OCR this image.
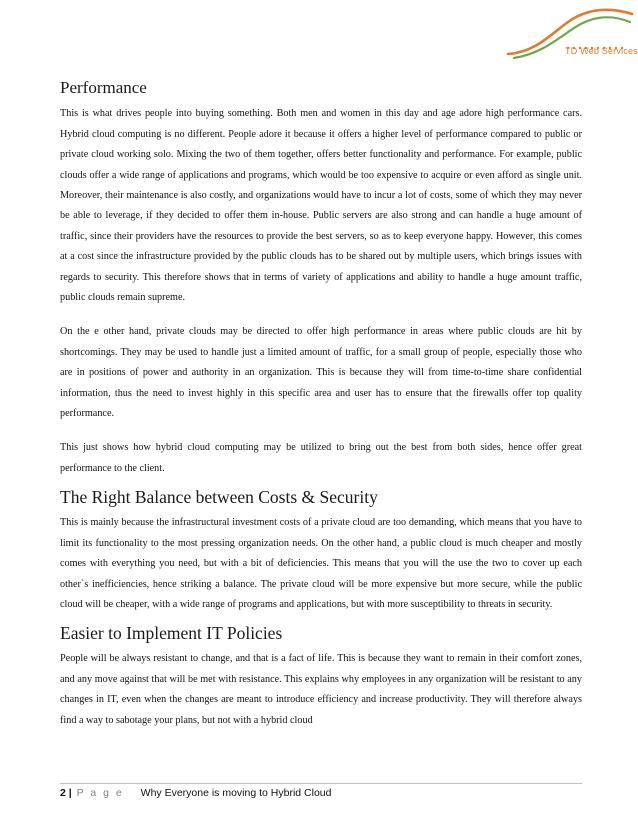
TD Web Services
Performance

This is what drives people into buying something. Both men and women in this day and age adore high performance cars. Hybrid cloud computing is no different. People adore it because it offers a higher level of performance compared to public or private cloud working solo. Mixing the two of them together, offers better functionality and performance. For example, public clouds offer a wide range of applications and programs, which would be too expensive to acquire or even afford as single unit. Moreover, their maintenance is also costly, and organizations would have to incur a lot of costs, some of which they may never be able to leverage, if they decided to offer them in-house. Public servers are also strong and can handle a huge amount of traffic, since their providers have the resources to provide the best servers, so as to keep everyone happy. However, this comes at a cost since the infrastructure provided by the public clouds has to be shared out by multiple users, which brings issues with regards to security. This therefore shows that in terms of variety of applications and ability to handle a huge amount traffic, public clouds remain supreme.

On the e other hand, private clouds may be directed to offer high performance in areas where public clouds are hit by shortcomings. They may be used to handle just a limited amount of traffic, for a small group of people, especially those who are in positions of power and authority in an organization. This is because they will from time-to-time share confidential information, thus the need to invest highly in this specific area and user has to ensure that the firewalls offer top quality performance.

This just shows how hybrid cloud computing may be utilized to bring out the best from both sides, hence offer great performance to the client.

The Right Balance between Costs & Security

This is mainly because the infrastructural investment costs of a private cloud are too demanding, which means that you have to limit its functionality to the most pressing organization needs. On the other hand, a public cloud is much cheaper and mostly comes with everything you need, but with a bit of deficiencies. This means that you will the use the two to cover up each other`s inefficiencies, hence striking a balance. The private cloud will be more expensive but more secure, while the public cloud will be cheaper, with a wide range of programs and applications, but with more susceptibility to threats in security.

Easier to Implement IT Policies

People will be always resistant to change, and that is a fact of life. This is because they want to remain in their comfort zones, and any move against that will be met with resistance. This explains why employees in any organization will be resistant to any changes in IT, even when the changes are meant to introduce efficiency and increase productivity. They will therefore always find a way to sabotage your plans, but not with a hybrid cloud

2 | P a g e Why Everyone is moving to Hybrid Cloud
